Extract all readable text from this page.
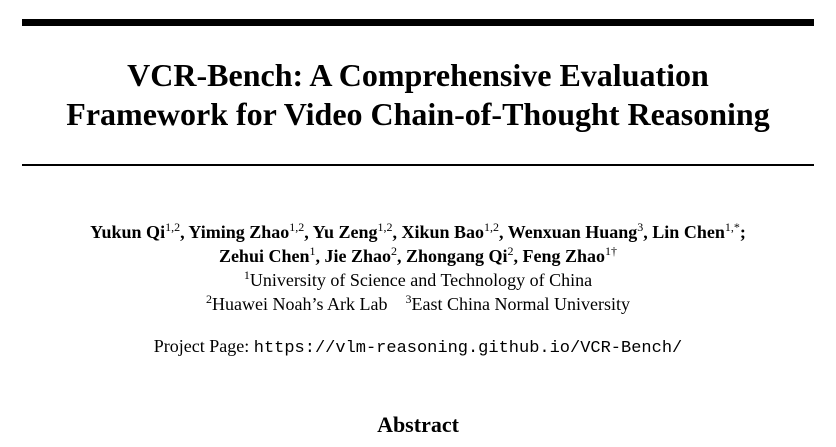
VCR-Bench: A Comprehensive Evaluation
Framework for Video Chain-of-Thought Reasoning
Yukun Qi$^{1,2}$, Yiming Zhao$^{1,2}$, Yu Zeng$^{1,2}$, Xikun Bao$^{1,2}$, Wenxuan Huang$^3$, Lin Chen$^{1,*}$;
Zehui Chen$^1$, Jie Zhao$^2$, Zhongang Qi$^2$, Feng Zhao$^{1\dagger}$
$^1$University of Science and Technology of China
$^2$Huawei Noah’s Ark Lab $^3$East China Normal University
Project Page: https://vlm-reasoning.github.io/VCR-Bench/
Abstract
